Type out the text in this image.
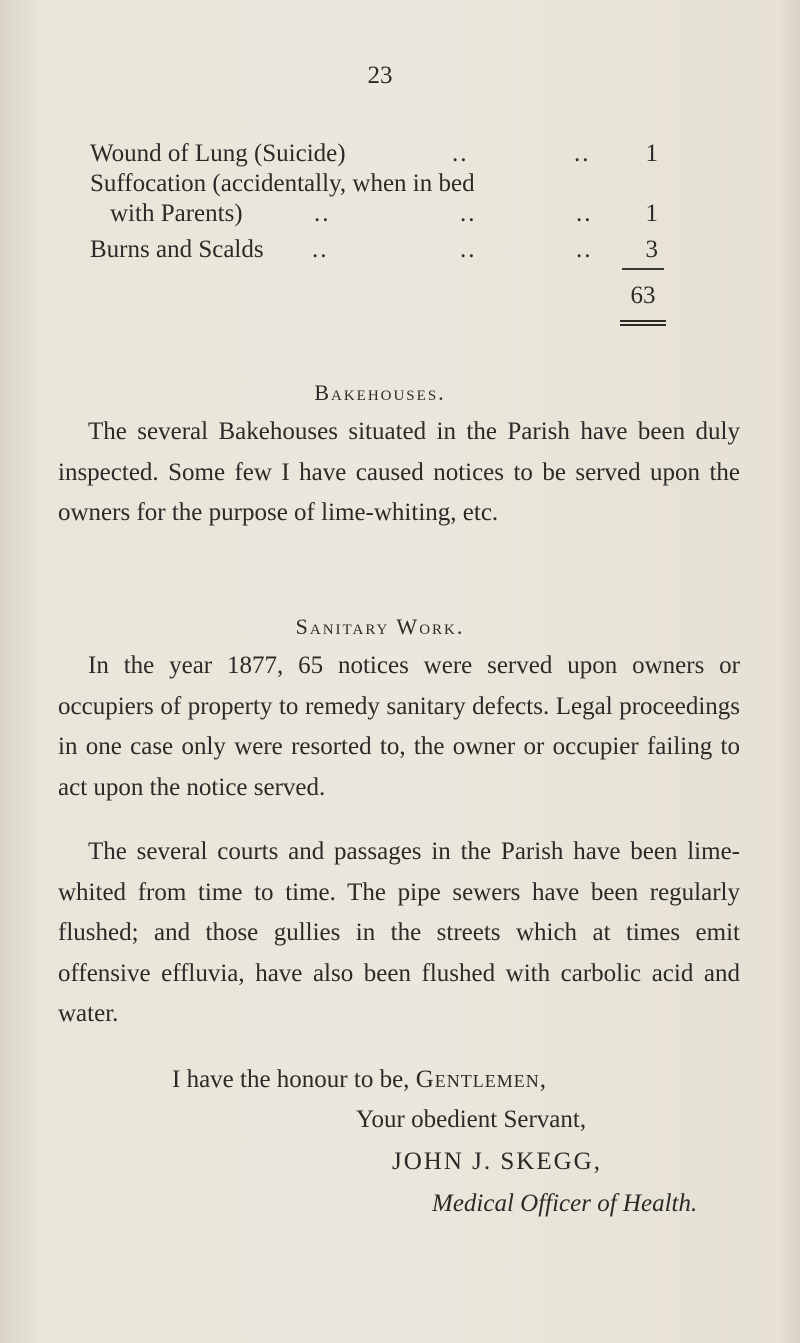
23
Wound of Lung (Suicide)	..	.. 1
Suffocation (accidentally, when in bed
with Parents)	..	..	.. 1
Burns and Scalds ..	..	.. 3
63
Bakehouses.

The several Bakehouses situated in the Parish have been duly inspected. Some few I have caused notices to be served upon the owners for the purpose of lime-whiting, etc.

Sanitary Work.

In the year 1877, 65 notices were served upon owners or occupiers of property to remedy sanitary defects. Legal proceedings in one case only were resorted to, the owner or occupier failing to act upon the notice served.

The several courts and passages in the Parish have been lime-whited from time to time. The pipe sewers have been regularly flushed; and those gullies in the streets which at times emit offensive effluvia, have also been flushed with carbolic acid and water.

I have the honour to be, Gentlemen,
Your obedient Servant,
JOHN J. SKEGG,
Medical Officer of Health.
